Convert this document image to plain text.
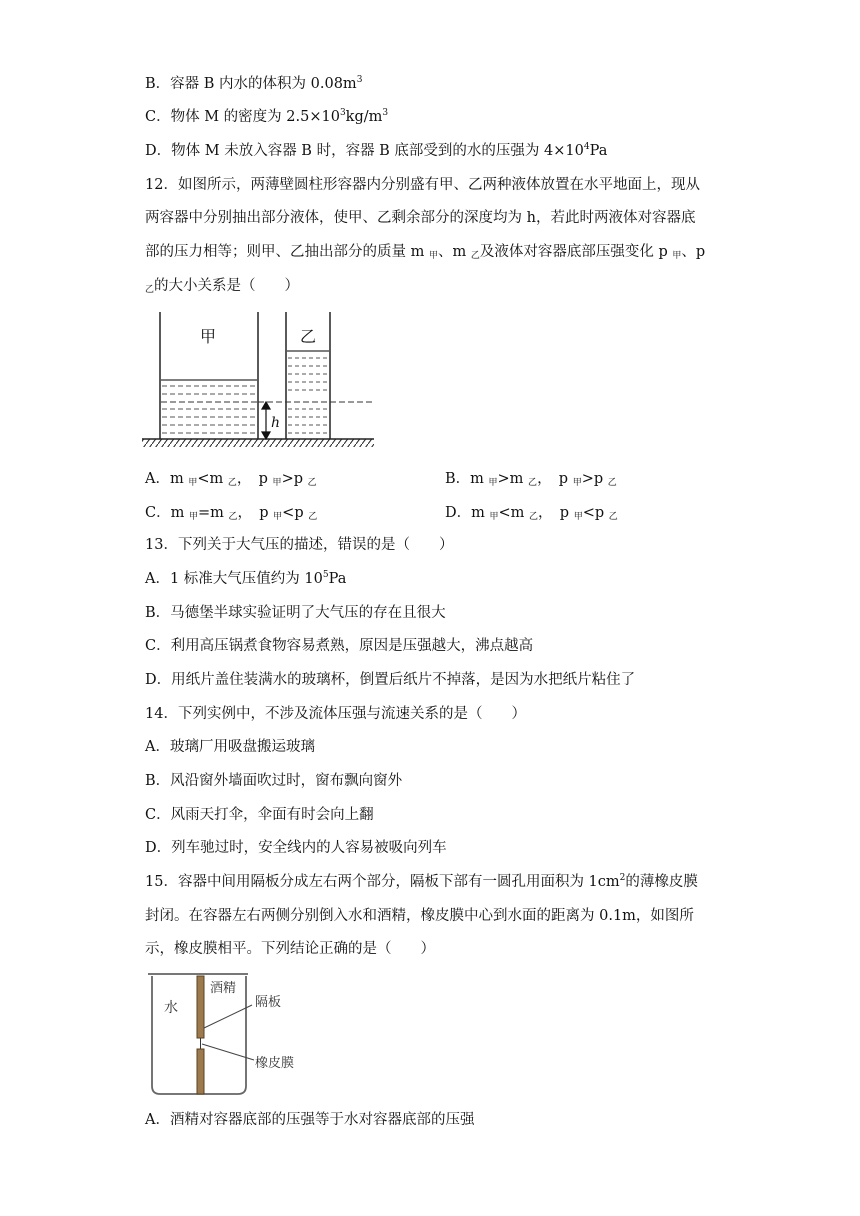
B．容器 B 内水的体积为 $0.08m^3$
C．物体 M 的密度为 $2.5\times 10^3kg/m^3$
D．物体 M 未放入容器 B 时，容器 B 底部受到的水的压强为 $4\times 10^4Pa$
12．如图所示，两薄壁圆柱形容器内分别盛有甲、乙两种液体放置在水平地面上，现从
两容器中分别抽出部分液体，使甲、乙剩余部分的深度均为 h，若此时两液体对容器底
部的压力相等；则甲、乙抽出部分的质量 m $_甲$、m $_乙$及液体对容器底部压强变化 p $_甲$、p
$_乙$的大小关系是（　　）
甲	乙
h
A．m $_甲$<m $_乙$，　p $_甲$>p $_乙$	B．m $_甲$>m $_乙$，　p $_甲$>p $_乙$
C．m $_甲$=m $_乙$，　p $_甲$<p $_乙$	D．m $_甲$<m $_乙$，　p $_甲$<p $_乙$
13．下列关于大气压的描述，错误的是（　　）
A．1 标准大气压值约为 $10^5Pa$
B．马德堡半球实验证明了大气压的存在且很大
C．利用高压锅煮食物容易煮熟，原因是压强越大，沸点越高
D．用纸片盖住装满水的玻璃杯，倒置后纸片不掉落，是因为水把纸片粘住了
14．下列实例中，不涉及流体压强与流速关系的是（　　）
A．玻璃厂用吸盘搬运玻璃
B．风沿窗外墙面吹过时，窗布飘向窗外
C．风雨天打伞，伞面有时会向上翻
D．列车驰过时，安全线内的人容易被吸向列车
15．容器中间用隔板分成左右两个部分，隔板下部有一圆孔用面积为 $1cm^2$的薄橡皮膜
封闭。在容器左右两侧分别倒入水和酒精，橡皮膜中心到水面的距离为 0.1m，如图所
示，橡皮膜相平。下列结论正确的是（　　）
水
酒精
隔板
橡皮膜
A．酒精对容器底部的压强等于水对容器底部的压强
